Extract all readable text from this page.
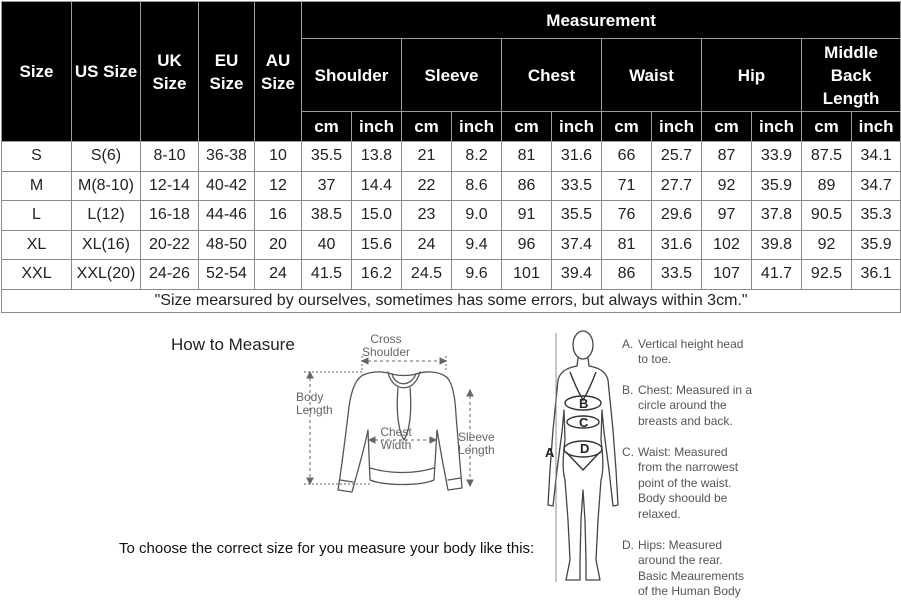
Size	US Size	UK Size	EU Size	AU Size	Measurement											
					Shoulder		Sleeve		Chest		Waist		Hip		Middle Back Length	
					cm	inch	cm	inch	cm	inch	cm	inch	cm	inch	cm	inch
S	S(6)	8-10	36-38	10	35.5	13.8	21	8.2	81	31.6	66	25.7	87	33.9	87.5	34.1
M	M(8-10)	12-14	40-42	12	37	14.4	22	8.6	86	33.5	71	27.7	92	35.9	89	34.7
L	L(12)	16-18	44-46	16	38.5	15.0	23	9.0	91	35.5	76	29.6	97	37.8	90.5	35.3
XL	XL(16)	20-22	48-50	20	40	15.6	24	9.4	96	37.4	81	31.6	102	39.8	92	35.9
XXL	XXL(20)	24-26	52-54	24	41.5	16.2	24.5	9.6	101	39.4	86	33.5	107	41.7	92.5	36.1
"Size mearsured by ourselves, sometimes has some errors, but always within 3cm."																
How to Measure	Cross
Shoulder
Body
Length
Chest
Width
Sleeve
Length	A
B
C
D
A. Vertical height head
to toe.
B. Chest: Measured in a
circle around the
breasts and back.
C. Waist: Measured
from the narrowest
point of the waist.
Body shoould be
relaxed.
D. Hips: Measured
around the rear.
Basic Meaurements
of the Human Body
To choose the correct size for you measure your body like this:
